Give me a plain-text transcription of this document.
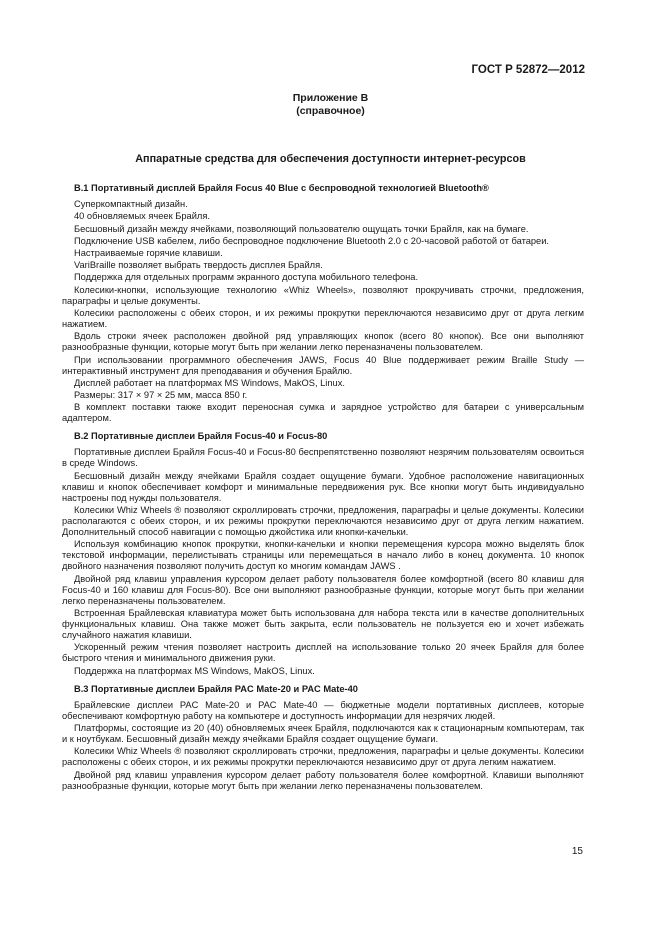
ГОСТ Р 52872—2012

Приложение В
(справочное)
Аппаратные средства для обеспечения доступности интернет-ресурсов
В.1 Портативный дисплей Брайля Focus 40 Blue с беспроводной технологией Bluetooth®

Суперкомпактный дизайн.

40 обновляемых ячеек Брайля.

Бесшовный дизайн между ячейками, позволяющий пользователю ощущать точки Брайля, как на бумаге.

Подключение USB кабелем, либо беспроводное подключение Bluetooth 2.0 с 20-часовой работой от батареи.

Настраиваемые горячие клавиши.

VariBraille позволяет выбрать твердость дисплея Брайля.

Поддержка для отдельных программ экранного доступа мобильного телефона.

Колесики-кнопки, использующие технологию «Whiz Wheels», позволяют прокручивать строчки, предложения, параграфы и целые документы.

Колесики расположены с обеих сторон, и их режимы прокрутки переключаются независимо друг от друга легким нажатием.

Вдоль строки ячеек расположен двойной ряд управляющих кнопок (всего 80 кнопок). Все они выполняют разнообразные функции, которые могут быть при желании легко переназначены пользователем.

При использовании программного обеспечения JAWS, Focus 40 Blue поддерживает режим Braille Study — интерактивный инструмент для преподавания и обучения Брайлю.

Дисплей работает на платформах MS Windows, MakOS, Linux.

Размеры: 317 × 97 × 25 мм, масса 850 г.

В комплект поставки также входит переносная сумка и зарядное устройство для батареи с универсальным адаптером.

В.2 Портативные дисплеи Брайля Focus-40 и Focus-80

Портативные дисплеи Брайля Focus-40 и Focus-80 беспрепятственно позволяют незрячим пользователям освоиться в среде Windows.

Бесшовный дизайн между ячейками Брайля создает ощущение бумаги. Удобное расположение навигационных клавиш и кнопок обеспечивает комфорт и минимальные передвижения рук. Все кнопки могут быть индивидуально настроены под нужды пользователя.

Колесики Whiz Wheels ® позволяют скроллировать строчки, предложения, параграфы и целые документы. Колесики располагаются с обеих сторон, и их режимы прокрутки переключаются независимо друг от друга легким нажатием. Дополнительный способ навигации с помощью джойстика или кнопки-качельки.

Используя комбинацию кнопок прокрутки, кнопки-качельки и кнопки перемещения курсора можно выделять блок текстовой информации, перелистывать страницы или перемещаться в начало либо в конец документа. 10 кнопок двойного назначения позволяют получить доступ ко многим командам JAWS .

Двойной ряд клавиш управления курсором делает работу пользователя более комфортной (всего 80 клавиш для Focus-40 и 160 клавиш для Focus-80). Все они выполняют разнообразные функции, которые могут быть при желании легко переназначены пользователем.

Встроенная Брайлевская клавиатура может быть использована для набора текста или в качестве дополнительных функциональных клавиш. Она также может быть закрыта, если пользователь не пользуется ею и хочет избежать случайного нажатия клавиши.

Ускоренный режим чтения позволяет настроить дисплей на использование только 20 ячеек Брайля для более быстрого чтения и минимального движения руки.

Поддержка на платформах MS Windows, MakOS, Linux.

В.3 Портативные дисплеи Брайля PAC Mate-20 и PAC Mate-40

Брайлевские дисплеи PAC Mate-20 и PAC Mate-40 — бюджетные модели портативных дисплеев, которые обеспечивают комфортную работу на компьютере и доступность информации для незрячих людей.

Платформы, состоящие из 20 (40) обновляемых ячеек Брайля, подключаются как к стационарным компьютерам, так и к ноутбукам. Бесшовный дизайн между ячейками Брайля создает ощущение бумаги.

Колесики Whiz Wheels ® позволяют скроллировать строчки, предложения, параграфы и целые документы. Колесики расположены с обеих сторон, и их режимы прокрутки переключаются независимо друг от друга легким нажатием.

Двойной ряд клавиш управления курсором делает работу пользователя более комфортной. Клавиши выполняют разнообразные функции, которые могут быть при желании легко переназначены пользователем.

15
